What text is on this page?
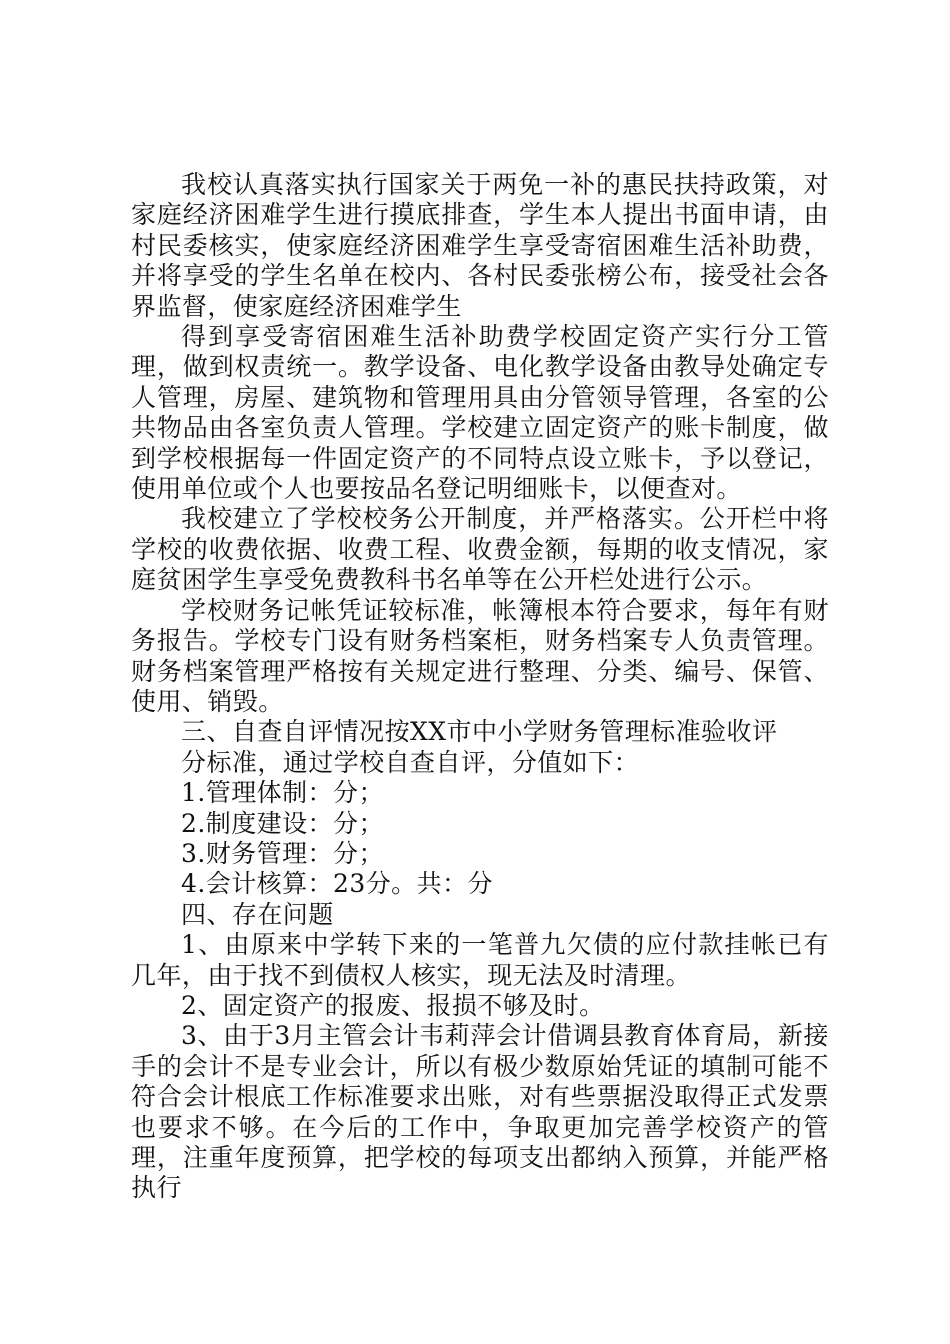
我校认真落实执行国家关于两免一补的惠民扶持政策，对家庭经济困难学生进行摸底排查，学生本人提出书面申请，由村民委核实，使家庭经济困难学生享受寄宿困难生活补助费，并将享受的学生名单在校内、各村民委张榜公布，接受社会各界监督，使家庭经济困难学生

得到享受寄宿困难生活补助费学校固定资产实行分工管理，做到权责统一。教学设备、电化教学设备由教导处确定专人管理，房屋、建筑物和管理用具由分管领导管理，各室的公共物品由各室负责人管理。学校建立固定资产的账卡制度，做到学校根据每一件固定资产的不同特点设立账卡，予以登记，使用单位或个人也要按品名登记明细账卡，以便查对。

我校建立了学校校务公开制度，并严格落实。公开栏中将学校的收费依据、收费工程、收费金额，每期的收支情况，家庭贫困学生享受免费教科书名单等在公开栏处进行公示。

学校财务记帐凭证较标准，帐簿根本符合要求，每年有财务报告。学校专门设有财务档案柜，财务档案专人负责管理。财务档案管理严格按有关规定进行整理、分类、编号、保管、使用、销毁。

三、自查自评情况按XX市中小学财务管理标准验收评

分标准，通过学校自查自评，分值如下：

1.管理体制：分；

2.制度建设：分；

3.财务管理：分；

4.会计核算：23分。共：分

四、存在问题

1、由原来中学转下来的一笔普九欠债的应付款挂帐已有几年，由于找不到债权人核实，现无法及时清理。

2、固定资产的报废、报损不够及时。

3、由于3月主管会计韦莉萍会计借调县教育体育局，新接手的会计不是专业会计，所以有极少数原始凭证的填制可能不符合会计根底工作标准要求出账，对有些票据没取得正式发票也要求不够。在今后的工作中，争取更加完善学校资产的管理，注重年度预算，把学校的每项支出都纳入预算，并能严格执行
